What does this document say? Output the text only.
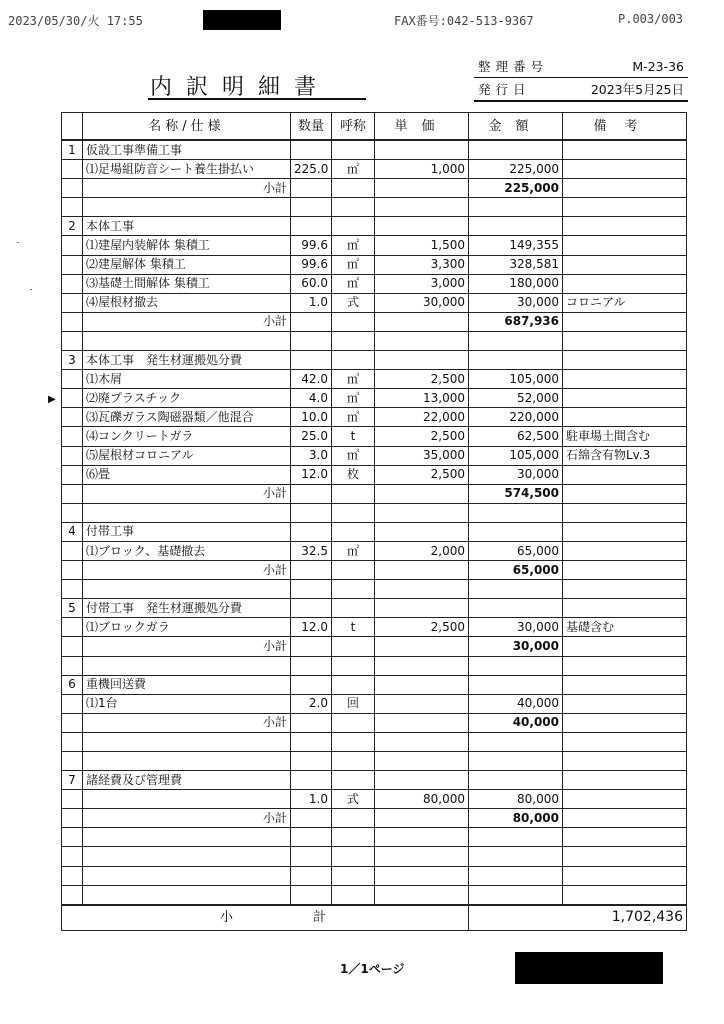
2023/05/30/火 17:55	FAX番号:042-513-9367	P.003/003
内訳明細書
整理番号	M-23-36
発行日	2023年5月25日
▶
	名称/仕様	数量	呼称	単価	金額	備考
1	仮設工事準備工事					
	⑴足場組防音シート養生掛払い	225.0	㎡	1,000	225,000	
	小計				225,000	

2	本体工事					
	⑴建屋内装解体 集積工	99.6	㎡	1,500	149,355	
	⑵建屋解体 集積工	99.6	㎡	3,300	328,581	
	⑶基礎土間解体 集積工	60.0	㎡	3,000	180,000	
	⑷屋根材撤去	1.0	式	30,000	30,000	コロニアル
	小計				687,936	

3	本体工事　発生材運搬処分費					
	⑴木屑	42.0	㎥	2,500	105,000	
	⑵廃プラスチック	4.0	㎥	13,000	52,000	
	⑶瓦礫ガラス陶磁器類／他混合	10.0	㎥	22,000	220,000	
	⑷コンクリートガラ	25.0	t	2,500	62,500	駐車場土間含む
	⑸屋根材コロニアル	3.0	㎥	35,000	105,000	石綿含有物Lv.3
	⑹畳	12.0	枚	2,500	30,000	
	小計				574,500	

4	付帯工事					
	⑴ブロック、基礎撤去	32.5	㎡	2,000	65,000	
	小計				65,000	

5	付帯工事　発生材運搬処分費					
	⑴ブロックガラ	12.0	t	2,500	30,000	基礎含む
	小計				30,000	

6	重機回送費					
	⑴1台	2.0	回		40,000	
	小計				40,000	

7	諸経費及び管理費					
		1.0	式	80,000	80,000	
	小計				80,000	

小 計					1,702,436	
1／1ページ
